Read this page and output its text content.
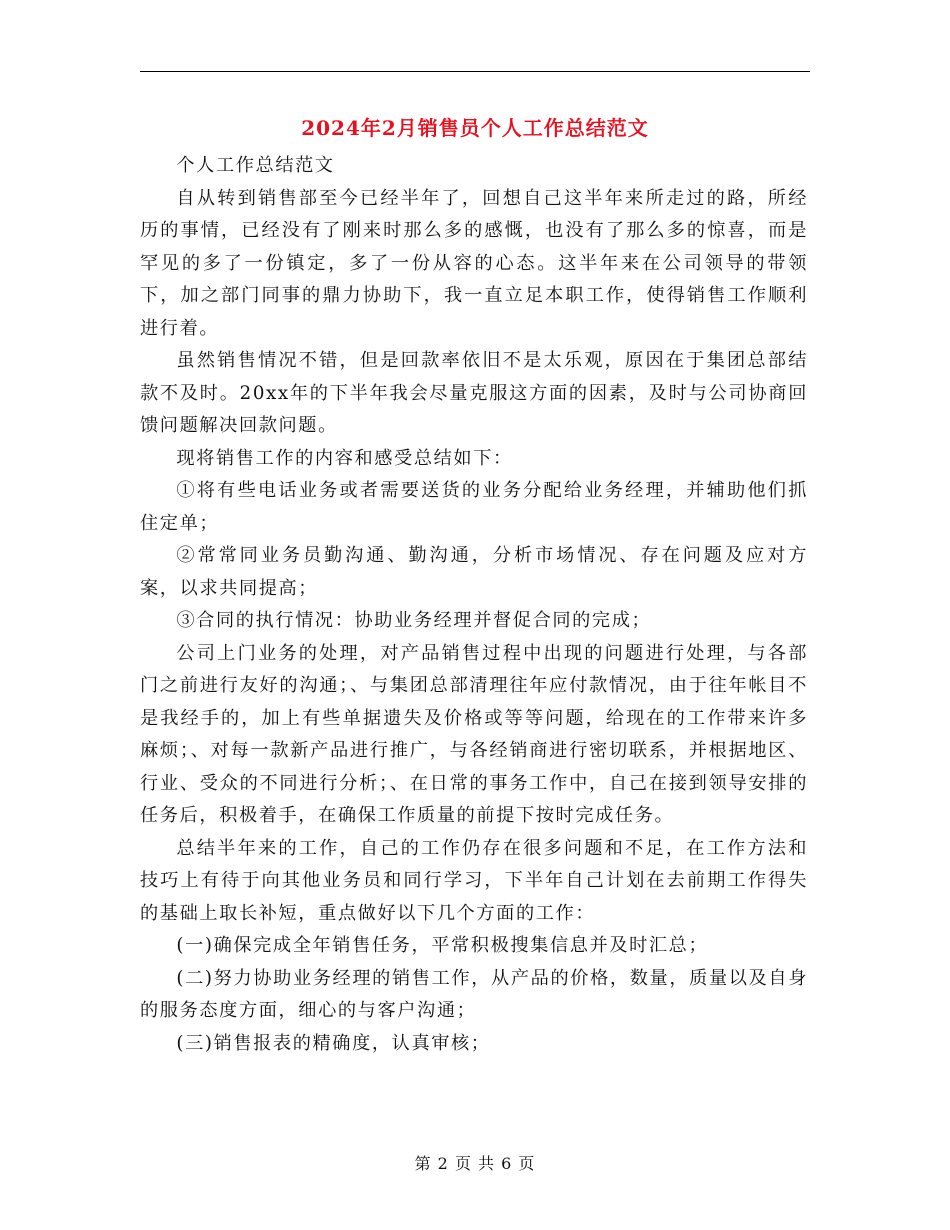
2024年2月销售员个人工作总结范文

个人工作总结范文

自从转到销售部至今已经半年了，回想自己这半年来所走过的路，所经历的事情，已经没有了刚来时那么多的感慨，也没有了那么多的惊喜，而是罕见的多了一份镇定，多了一份从容的心态。这半年来在公司领导的带领下，加之部门同事的鼎力协助下，我一直立足本职工作，使得销售工作顺利进行着。

虽然销售情况不错，但是回款率依旧不是太乐观，原因在于集团总部结款不及时。20xx年的下半年我会尽量克服这方面的因素，及时与公司协商回馈问题解决回款问题。

现将销售工作的内容和感受总结如下：

①将有些电话业务或者需要送货的业务分配给业务经理，并辅助他们抓住定单；

②常常同业务员勤沟通、勤沟通，分析市场情况、存在问题及应对方案，以求共同提高；

③合同的执行情况：协助业务经理并督促合同的完成；

公司上门业务的处理，对产品销售过程中出现的问题进行处理，与各部门之前进行友好的沟通；、与集团总部清理往年应付款情况，由于往年帐目不是我经手的，加上有些单据遗失及价格或等等问题，给现在的工作带来许多麻烦；、对每一款新产品进行推广，与各经销商进行密切联系，并根据地区、行业、受众的不同进行分析；、在日常的事务工作中，自己在接到领导安排的任务后，积极着手，在确保工作质量的前提下按时完成任务。

总结半年来的工作，自己的工作仍存在很多问题和不足，在工作方法和技巧上有待于向其他业务员和同行学习，下半年自己计划在去前期工作得失的基础上取长补短，重点做好以下几个方面的工作：

(一)确保完成全年销售任务，平常积极搜集信息并及时汇总；

(二)努力协助业务经理的销售工作，从产品的价格，数量，质量以及自身的服务态度方面，细心的与客户沟通；

(三)销售报表的精确度，认真审核；

第 2 页 共 6 页
